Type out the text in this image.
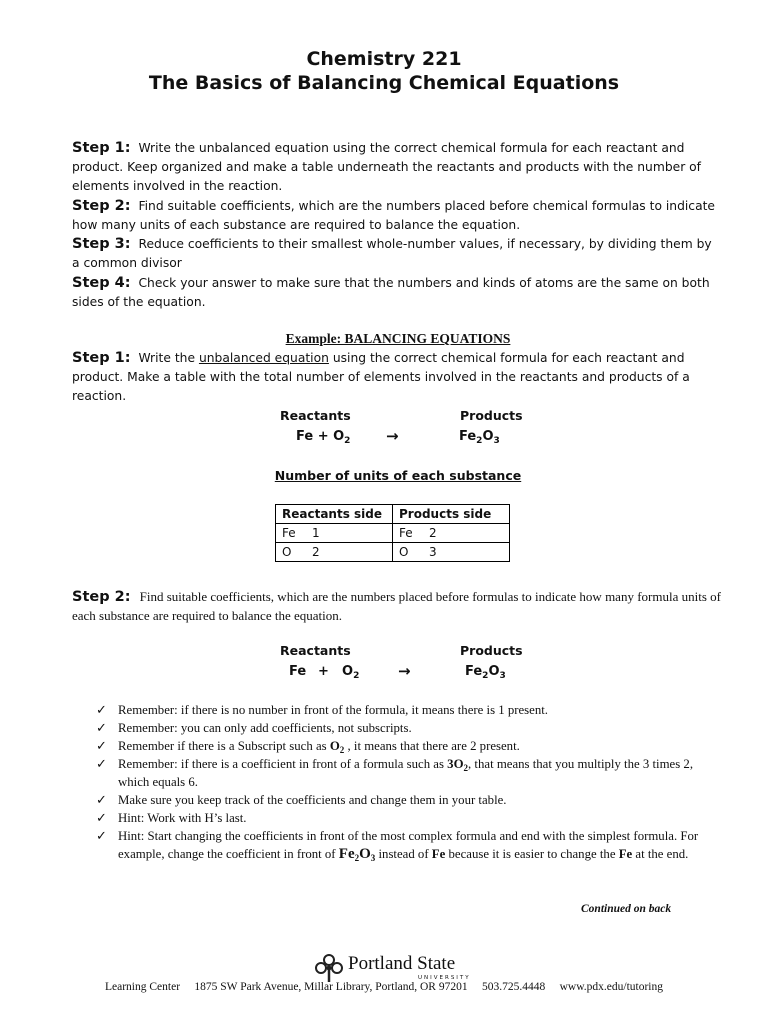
Chemistry 221
The Basics of Balancing Chemical Equations
Step 1: Write the unbalanced equation using the correct chemical formula for each reactant and product. Keep organized and make a table underneath the reactants and products with the number of elements involved in the reaction.
Step 2: Find suitable coefficients, which are the numbers placed before chemical formulas to indicate how many units of each substance are required to balance the equation.
Step 3: Reduce coefficients to their smallest whole-number values, if necessary, by dividing them by a common divisor
Step 4: Check your answer to make sure that the numbers and kinds of atoms are the same on both sides of the equation.
Example: BALANCING EQUATIONS
Step 1: Write the unbalanced equation using the correct chemical formula for each reactant and product. Make a table with the total number of elements involved in the reactants and products of a reaction.
Reactants	Products
$Fe + O_2$ →	$Fe_2O_3$
Number of units of each substance
Reactants side	Products side
Fe 1	Fe 2
O 2	O 3
Step 2: Find suitable coefficients, which are the numbers placed before formulas to indicate how many formula units of each substance are required to balance the equation.
Reactants	Products
$Fe + O_2$	→	$Fe_2O_3$
✓ Remember: if there is no number in front of the formula, it means there is 1 present.
✓ Remember: you can only add coefficients, not subscripts.
✓ Remember if there is a Subscript such as $O_2$ , it means that there are 2 present.
✓ Remember: if there is a coefficient in front of a formula such as $3O_2$, that means that you multiply the 3 times 2, which equals 6.
✓ Make sure you keep track of the coefficients and change them in your table.
✓ Hint: Work with H’s last.
✓ Hint: Start changing the coefficients in front of the most complex formula and end with the simplest formula. For example, change the coefficient in front of $Fe_2O_3$ instead of Fe because it is easier to change the Fe at the end.
Continued on back
Portland State
UNIVERSITY
Learning Center 1875 SW Park Avenue, Millar Library, Portland, OR 97201 503.725.4448 www.pdx.edu/tutoring
